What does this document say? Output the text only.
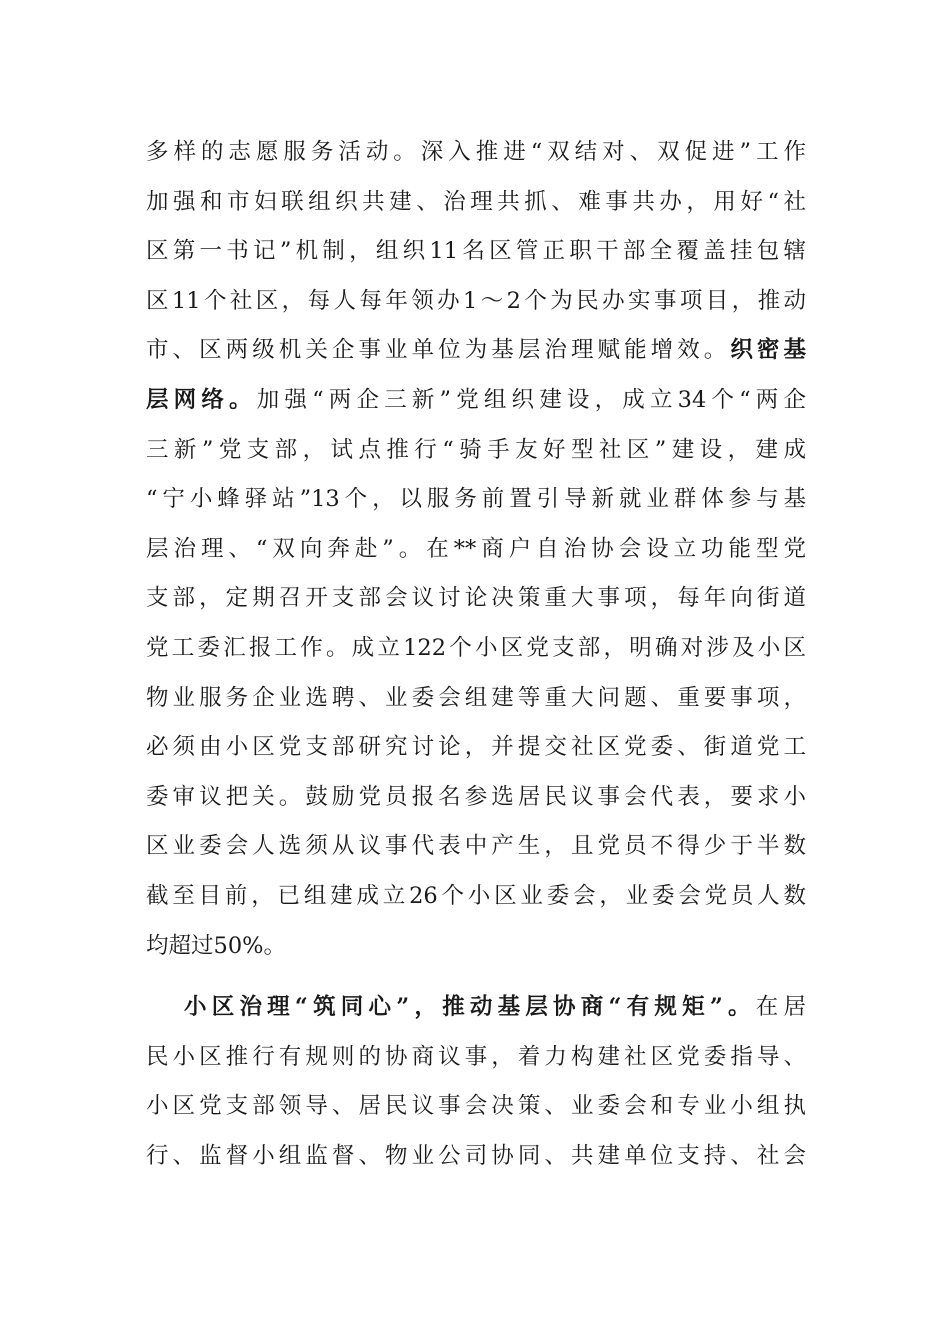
多样的志愿服务活动。深入推进“双结对、双促进”工作
加强和市妇联组织共建、治理共抓、难事共办，用好“社
区第一书记”机制，组织11名区管正职干部全覆盖挂包辖
区11个社区，每人每年领办1～2个为民办实事项目，推动
市、区两级机关企事业单位为基层治理赋能增效。织密基
层网络。加强“两企三新”党组织建设，成立34个“两企
三新”党支部，试点推行“骑手友好型社区”建设，建成
“宁小蜂驿站”13个，以服务前置引导新就业群体参与基
层治理、“双向奔赴”。在**商户自治协会设立功能型党
支部，定期召开支部会议讨论决策重大事项，每年向街道
党工委汇报工作。成立122个小区党支部，明确对涉及小区
物业服务企业选聘、业委会组建等重大问题、重要事项，
必须由小区党支部研究讨论，并提交社区党委、街道党工
委审议把关。鼓励党员报名参选居民议事会代表，要求小
区业委会人选须从议事代表中产生，且党员不得少于半数
截至目前，已组建成立26个小区业委会，业委会党员人数
均超过50%。
小区治理“筑同心”，推动基层协商“有规矩”。在居
民小区推行有规则的协商议事，着力构建社区党委指导、
小区党支部领导、居民议事会决策、业委会和专业小组执
行、监督小组监督、物业公司协同、共建单位支持、社会
